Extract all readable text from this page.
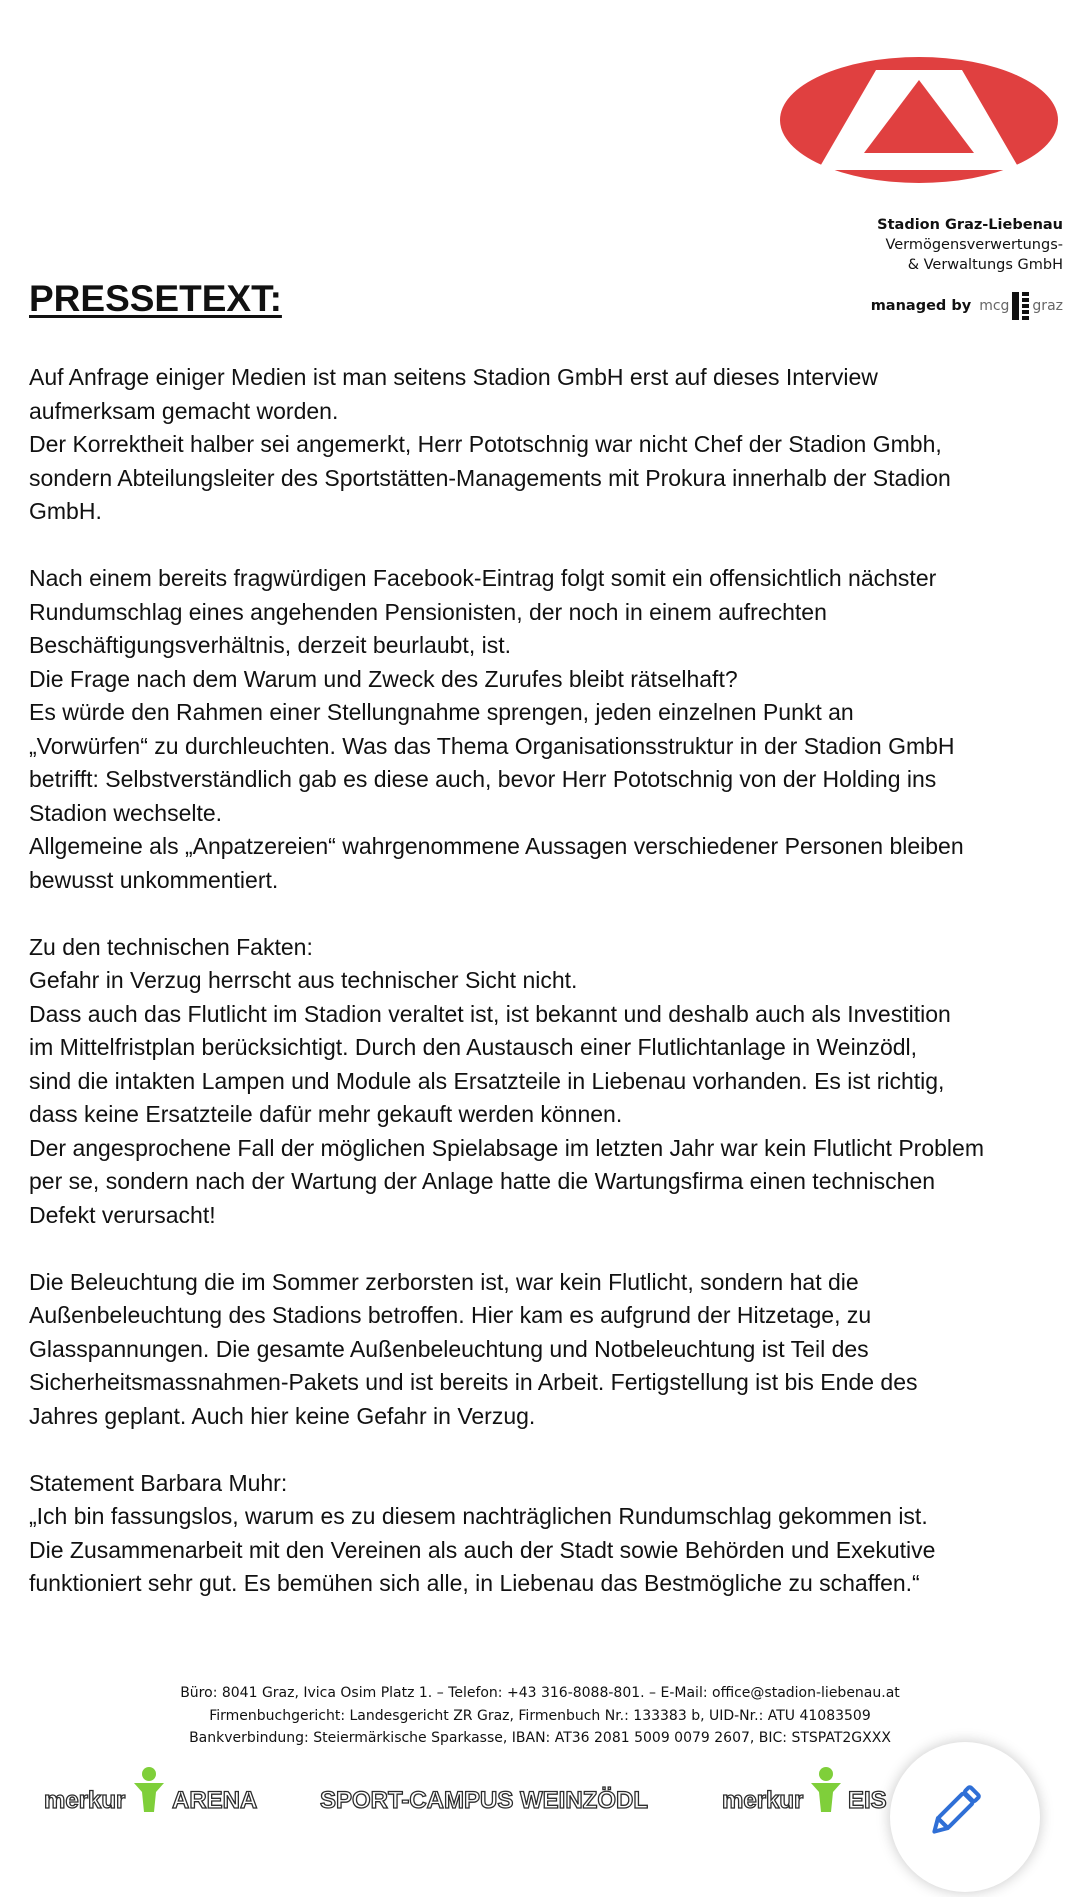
Stadion Graz-Liebenau
Vermögensverwertungs-
& Verwaltungs GmbH
managed by mcg graz
PRESSETEXT:
Auf Anfrage einiger Medien ist man seitens Stadion GmbH erst auf dieses Interview
aufmerksam gemacht worden.
Der Korrektheit halber sei angemerkt, Herr Pototschnig war nicht Chef der Stadion Gmbh,
sondern Abteilungsleiter des Sportstätten-Managements mit Prokura innerhalb der Stadion
GmbH.
Nach einem bereits fragwürdigen Facebook-Eintrag folgt somit ein offensichtlich nächster
Rundumschlag eines angehenden Pensionisten, der noch in einem aufrechten
Beschäftigungsverhältnis, derzeit beurlaubt, ist.
Die Frage nach dem Warum und Zweck des Zurufes bleibt rätselhaft?
Es würde den Rahmen einer Stellungnahme sprengen, jeden einzelnen Punkt an
„Vorwürfen“ zu durchleuchten. Was das Thema Organisationsstruktur in der Stadion GmbH
betrifft: Selbstverständlich gab es diese auch, bevor Herr Pototschnig von der Holding ins
Stadion wechselte.
Allgemeine als „Anpatzereien“ wahrgenommene Aussagen verschiedener Personen bleiben
bewusst unkommentiert.
Zu den technischen Fakten:
Gefahr in Verzug herrscht aus technischer Sicht nicht.
Dass auch das Flutlicht im Stadion veraltet ist, ist bekannt und deshalb auch als Investition
im Mittelfristplan berücksichtigt. Durch den Austausch einer Flutlichtanlage in Weinzödl,
sind die intakten Lampen und Module als Ersatzteile in Liebenau vorhanden. Es ist richtig,
dass keine Ersatzteile dafür mehr gekauft werden können.
Der angesprochene Fall der möglichen Spielabsage im letzten Jahr war kein Flutlicht Problem
per se, sondern nach der Wartung der Anlage hatte die Wartungsfirma einen technischen
Defekt verursacht!
Die Beleuchtung die im Sommer zerborsten ist, war kein Flutlicht, sondern hat die
Außenbeleuchtung des Stadions betroffen. Hier kam es aufgrund der Hitzetage, zu
Glasspannungen. Die gesamte Außenbeleuchtung und Notbeleuchtung ist Teil des
Sicherheitsmassnahmen-Pakets und ist bereits in Arbeit. Fertigstellung ist bis Ende des
Jahres geplant. Auch hier keine Gefahr in Verzug.
Statement Barbara Muhr:
„Ich bin fassungslos, warum es zu diesem nachträglichen Rundumschlag gekommen ist.
Die Zusammenarbeit mit den Vereinen als auch der Stadt sowie Behörden und Exekutive
funktioniert sehr gut. Es bemühen sich alle, in Liebenau das Bestmögliche zu schaffen.“
Büro: 8041 Graz, Ivica Osim Platz 1. – Telefon: +43 316-8088-801. – E-Mail: office@stadion-liebenau.at
Firmenbuchgericht: Landesgericht ZR Graz, Firmenbuch Nr.: 133383 b, UID-Nr.: ATU 41083509
Bankverbindung: Steiermärkische Sparkasse, IBAN: AT36 2081 5009 0079 2607, BIC: STSPAT2GXXX
merkur ARENA	SPORT-CAMPUS WEINZÖDL	merkur EIS
